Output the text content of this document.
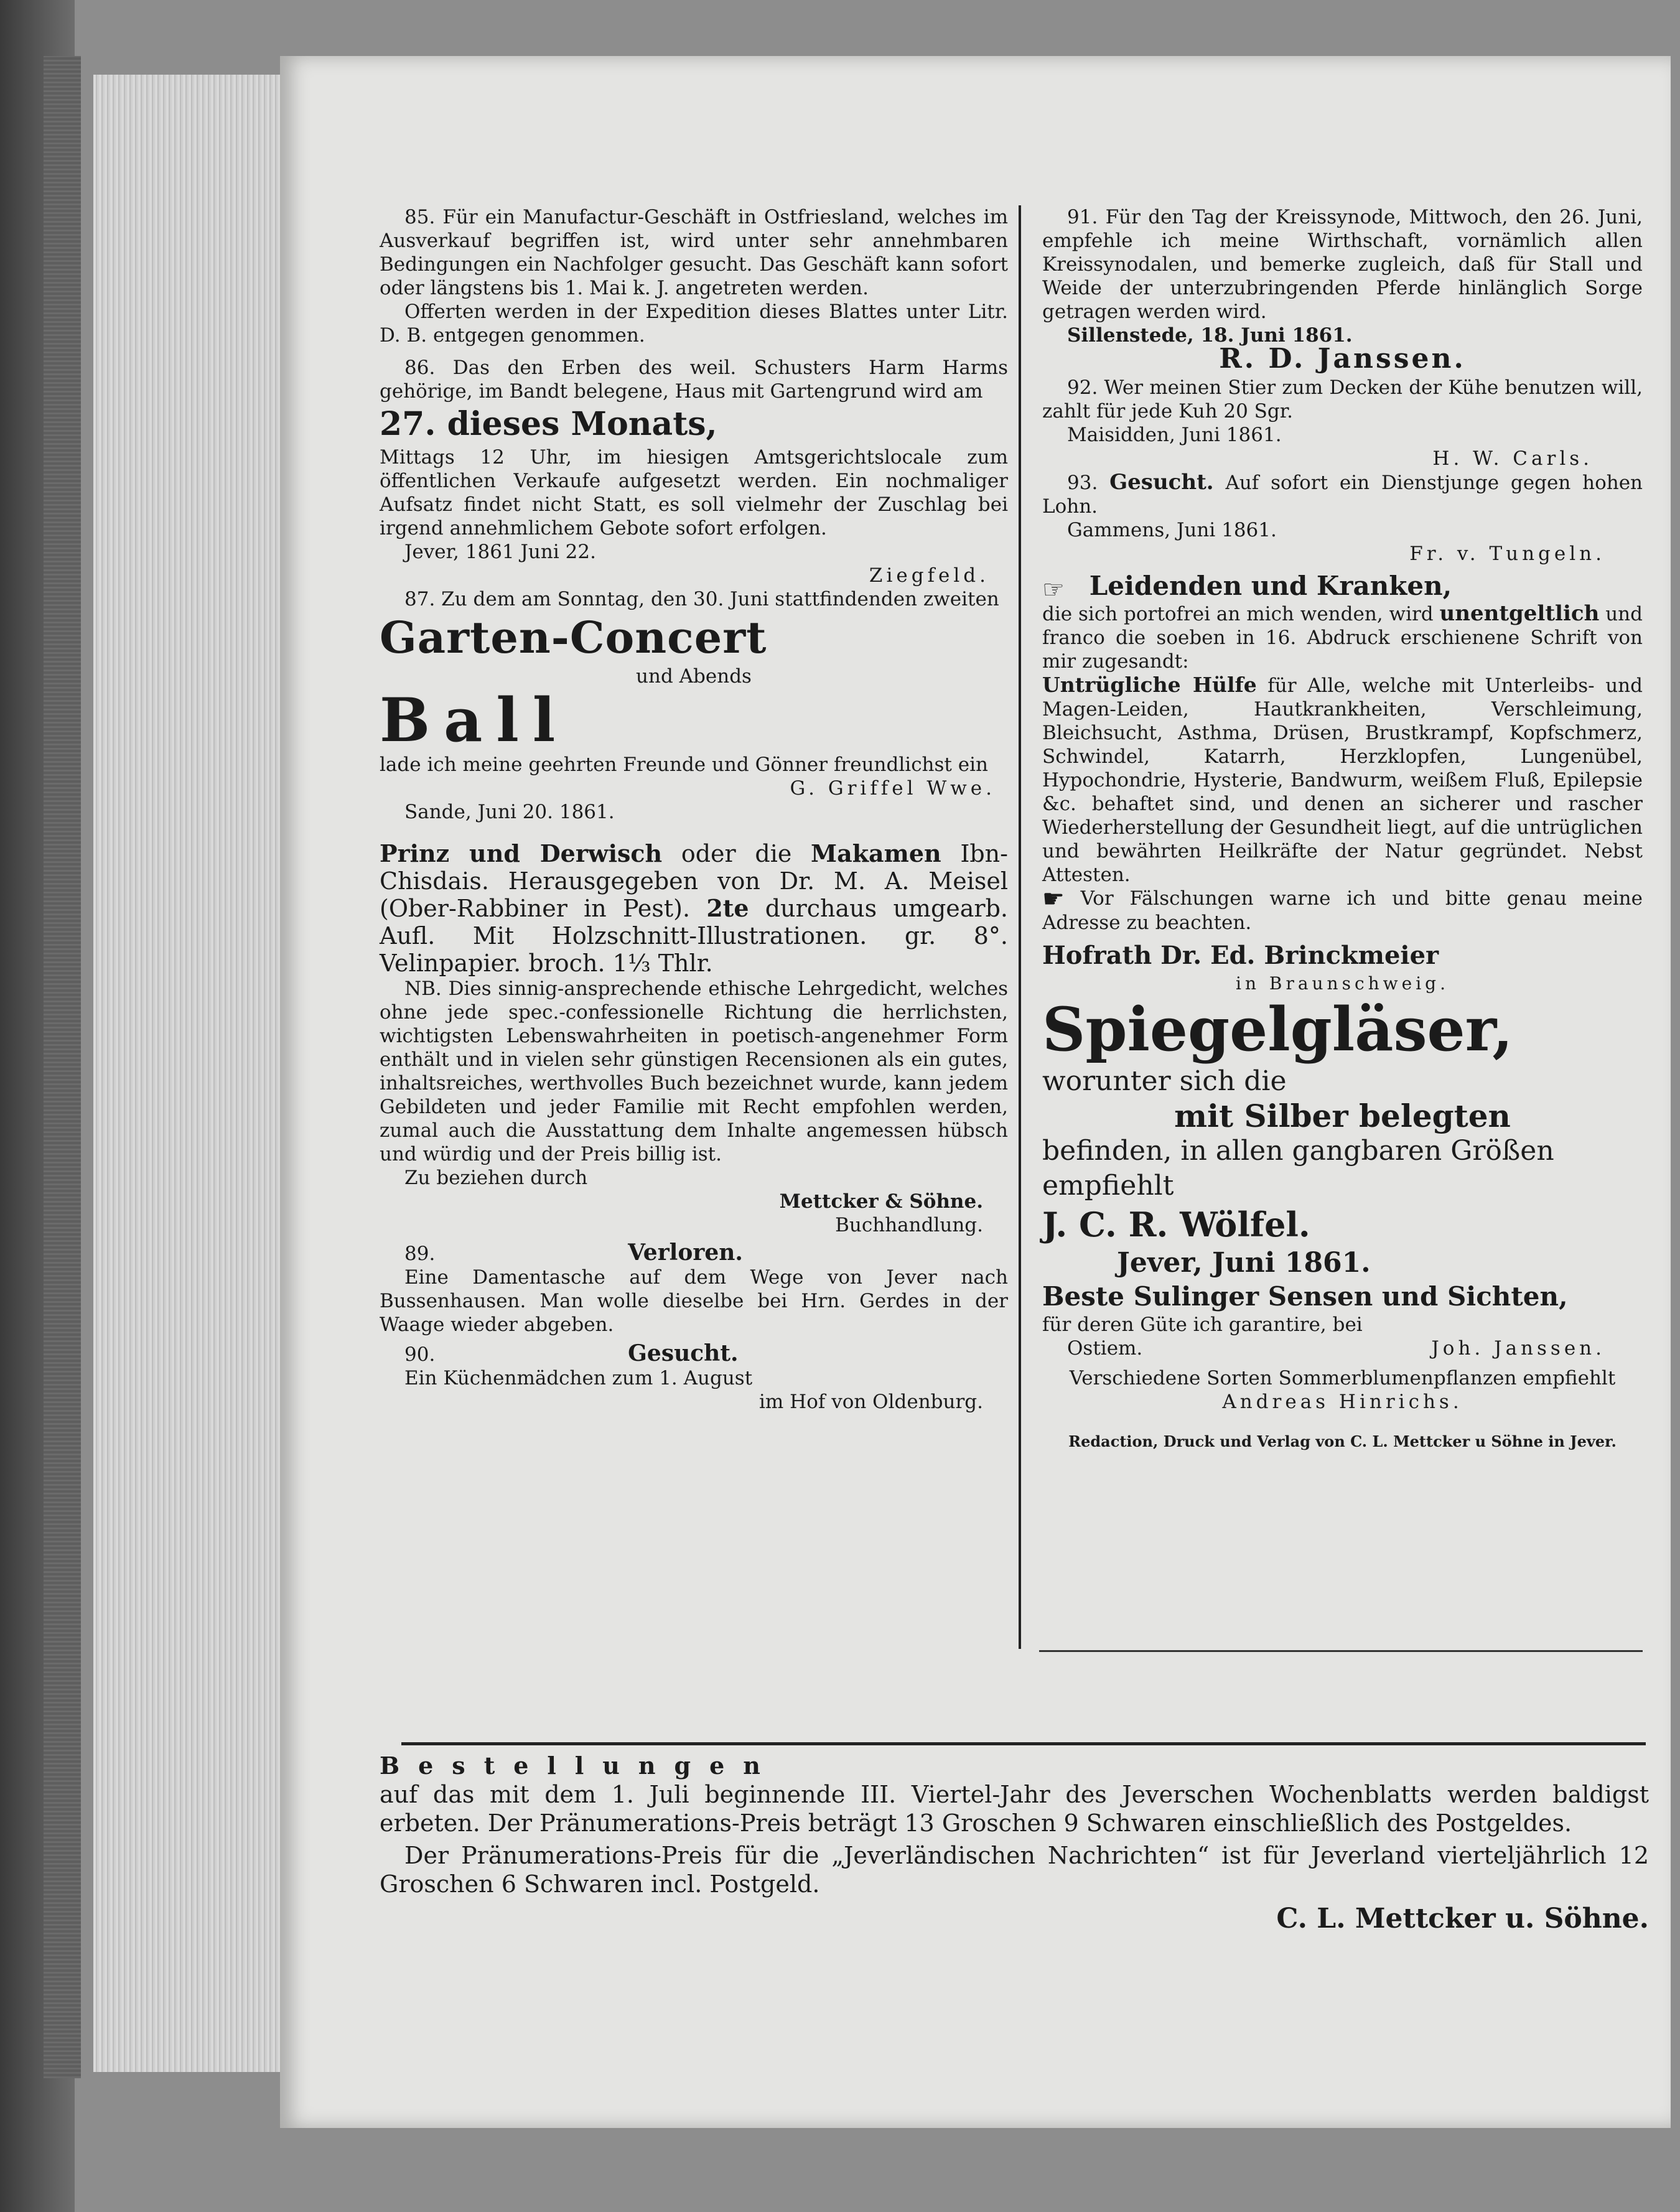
85. Für ein Manufactur-Geschäft in Ostfriesland, welches im Ausverkauf begriffen ist, wird unter sehr annehmbaren Bedingungen ein Nachfolger gesucht. Das Geschäft kann sofort oder längstens bis 1. Mai k. J. angetreten werden.

Offerten werden in der Expedition dieses Blattes unter Litr. D. B. entgegen genommen.

86. Das den Erben des weil. Schusters Harm Harms gehörige, im Bandt belegene, Haus mit Gartengrund wird am

27. dieses Monats,

Mittags 12 Uhr, im hiesigen Amtsgerichtslocale zum öffentlichen Verkaufe aufgesetzt werden. Ein nochmaliger Aufsatz findet nicht Statt, es soll vielmehr der Zuschlag bei irgend annehmlichem Gebote sofort erfolgen.

Jever, 1861 Juni 22.

Ziegfeld.

87. Zu dem am Sonntag, den 30. Juni stattfindenden zweiten

Garten-Concert

und Abends

Ball

lade ich meine geehrten Freunde und Gönner freundlichst ein

G. Griffel Wwe.

Sande, Juni 20. 1861.

Prinz und Derwisch oder die Makamen Ibn-Chisdais. Herausgegeben von Dr. M. A. Meisel (Ober-Rabbiner in Pest). 2te durchaus umgearb. Aufl. Mit Holzschnitt-Illustrationen. gr. 8°. Velinpapier. broch. 1⅓ Thlr.

NB. Dies sinnig-ansprechende ethische Lehrgedicht, welches ohne jede spec.-confessionelle Richtung die herrlichsten, wichtigsten Lebenswahrheiten in poetisch-angenehmer Form enthält und in vielen sehr günstigen Recensionen als ein gutes, inhaltsreiches, werthvolles Buch bezeichnet wurde, kann jedem Gebildeten und jeder Familie mit Recht empfohlen werden, zumal auch die Ausstattung dem Inhalte angemessen hübsch und würdig und der Preis billig ist.

Zu beziehen durch

Mettcker & Söhne.

Buchhandlung.

89.	Verloren.

Eine Damentasche auf dem Wege von Jever nach Bussenhausen. Man wolle dieselbe bei Hrn. Gerdes in der Waage wieder abgeben.

90.	Gesucht.

Ein Küchenmädchen zum 1. August

im Hof von Oldenburg.

91. Für den Tag der Kreissynode, Mittwoch, den 26. Juni, empfehle ich meine Wirthschaft, vornämlich allen Kreissynodalen, und bemerke zugleich, daß für Stall und Weide der unterzubringenden Pferde hinlänglich Sorge getragen werden wird.

Sillenstede, 18. Juni 1861.

R. D. Janssen.

92. Wer meinen Stier zum Decken der Kühe benutzen will, zahlt für jede Kuh 20 Sgr.

Maisidden, Juni 1861.

H. W. Carls.

93. Gesucht. Auf sofort ein Dienstjunge gegen hohen Lohn.

Gammens, Juni 1861.

Fr. v. Tungeln.

☞ Leidenden und Kranken,

die sich portofrei an mich wenden, wird unentgeltlich und franco die soeben in 16. Abdruck erschienene Schrift von mir zugesandt:

Untrügliche Hülfe für Alle, welche mit Unterleibs- und Magen-Leiden, Hautkrankheiten, Verschleimung, Bleichsucht, Asthma, Drüsen, Brustkrampf, Kopfschmerz, Schwindel, Katarrh, Herzklopfen, Lungenübel, Hypochondrie, Hysterie, Bandwurm, weißem Fluß, Epilepsie &c. behaftet sind, und denen an sicherer und rascher Wiederherstellung der Gesundheit liegt, auf die untrüglichen und bewährten Heilkräfte der Natur gegründet. Nebst Attesten.

☛ Vor Fälschungen warne ich und bitte genau meine Adresse zu beachten.

Hofrath Dr. Ed. Brinckmeier

in Braunschweig.

Spiegelgläser,

worunter sich die

mit Silber belegten

befinden, in allen gangbaren Größen

empfiehlt

J. C. R. Wölfel.

Jever, Juni 1861.

Beste Sulinger Sensen und Sichten,

für deren Güte ich garantire, bei

Ostiem.	Joh. Janssen.

Verschiedene Sorten Sommerblumenpflanzen empfiehlt

Andreas Hinrichs.

Redaction, Druck und Verlag von C. L. Mettcker u Söhne in Jever.

Bestellungen

auf das mit dem 1. Juli beginnende III. Viertel-Jahr des Jeverschen Wochenblatts werden baldigst erbeten. Der Pränumerations-Preis beträgt 13 Groschen 9 Schwaren einschließlich des Postgeldes.

Der Pränumerations-Preis für die „Jeverländischen Nachrichten“ ist für Jeverland vierteljährlich 12 Groschen 6 Schwaren incl. Postgeld.

C. L. Mettcker u. Söhne.
